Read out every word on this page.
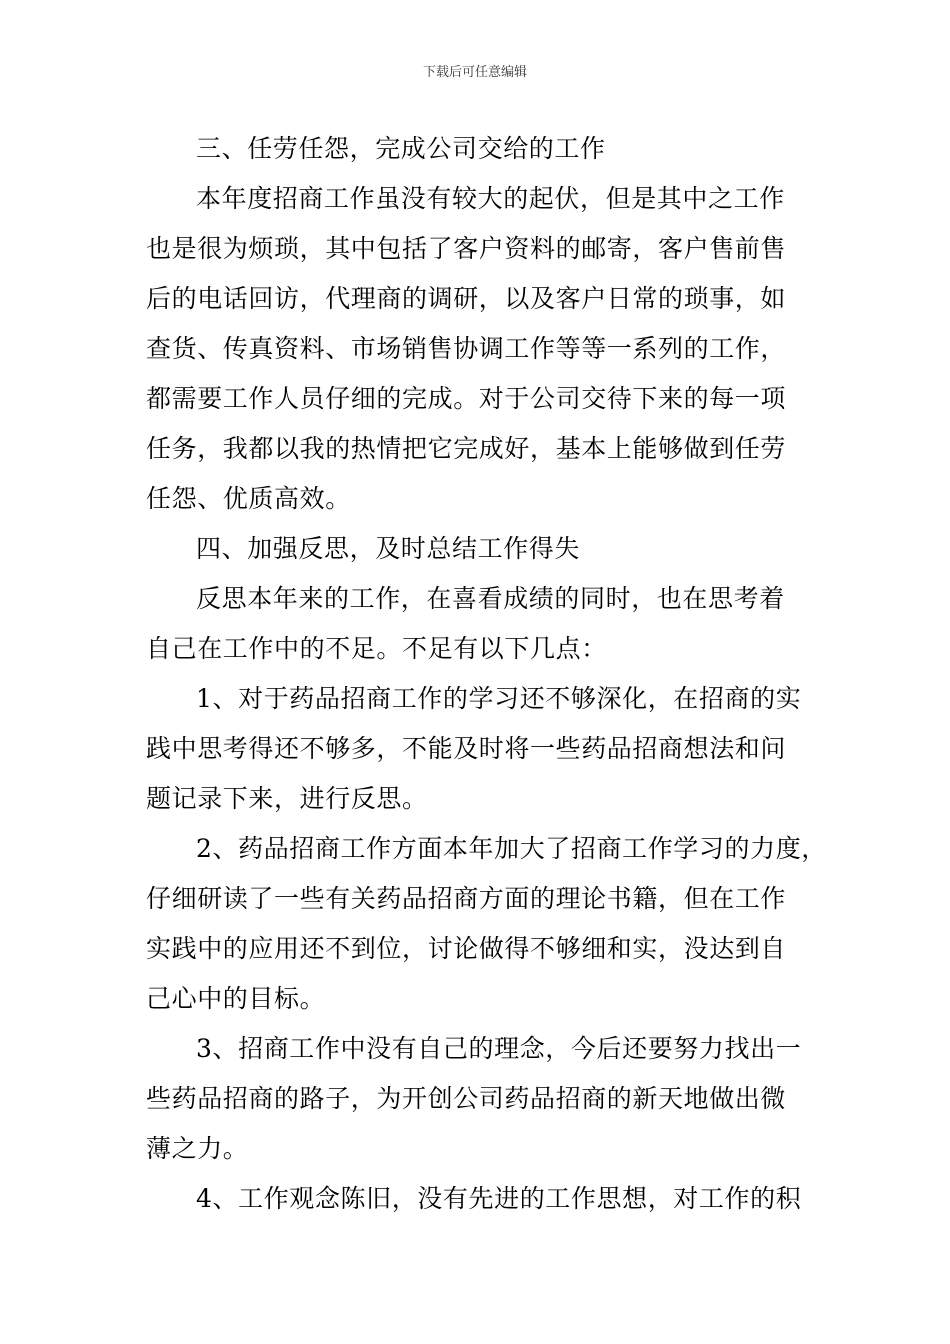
下载后可任意编辑
三、任劳任怨，完成公司交给的工作
本年度招商工作虽没有较大的起伏，但是其中之工作
也是很为烦琐，其中包括了客户资料的邮寄，客户售前售
后的电话回访，代理商的调研，以及客户日常的琐事，如
查货、传真资料、市场销售协调工作等等一系列的工作，
都需要工作人员仔细的完成。对于公司交待下来的每一项
任务，我都以我的热情把它完成好，基本上能够做到任劳
任怨、优质高效。
四、加强反思，及时总结工作得失
反思本年来的工作，在喜看成绩的同时，也在思考着
自己在工作中的不足。不足有以下几点：
1、对于药品招商工作的学习还不够深化，在招商的实
践中思考得还不够多，不能及时将一些药品招商想法和问
题记录下来，进行反思。
2、药品招商工作方面本年加大了招商工作学习的力度，
仔细研读了一些有关药品招商方面的理论书籍，但在工作
实践中的应用还不到位，讨论做得不够细和实，没达到自
己心中的目标。
3、招商工作中没有自己的理念，今后还要努力找出一
些药品招商的路子，为开创公司药品招商的新天地做出微
薄之力。
4、工作观念陈旧，没有先进的工作思想，对工作的积
